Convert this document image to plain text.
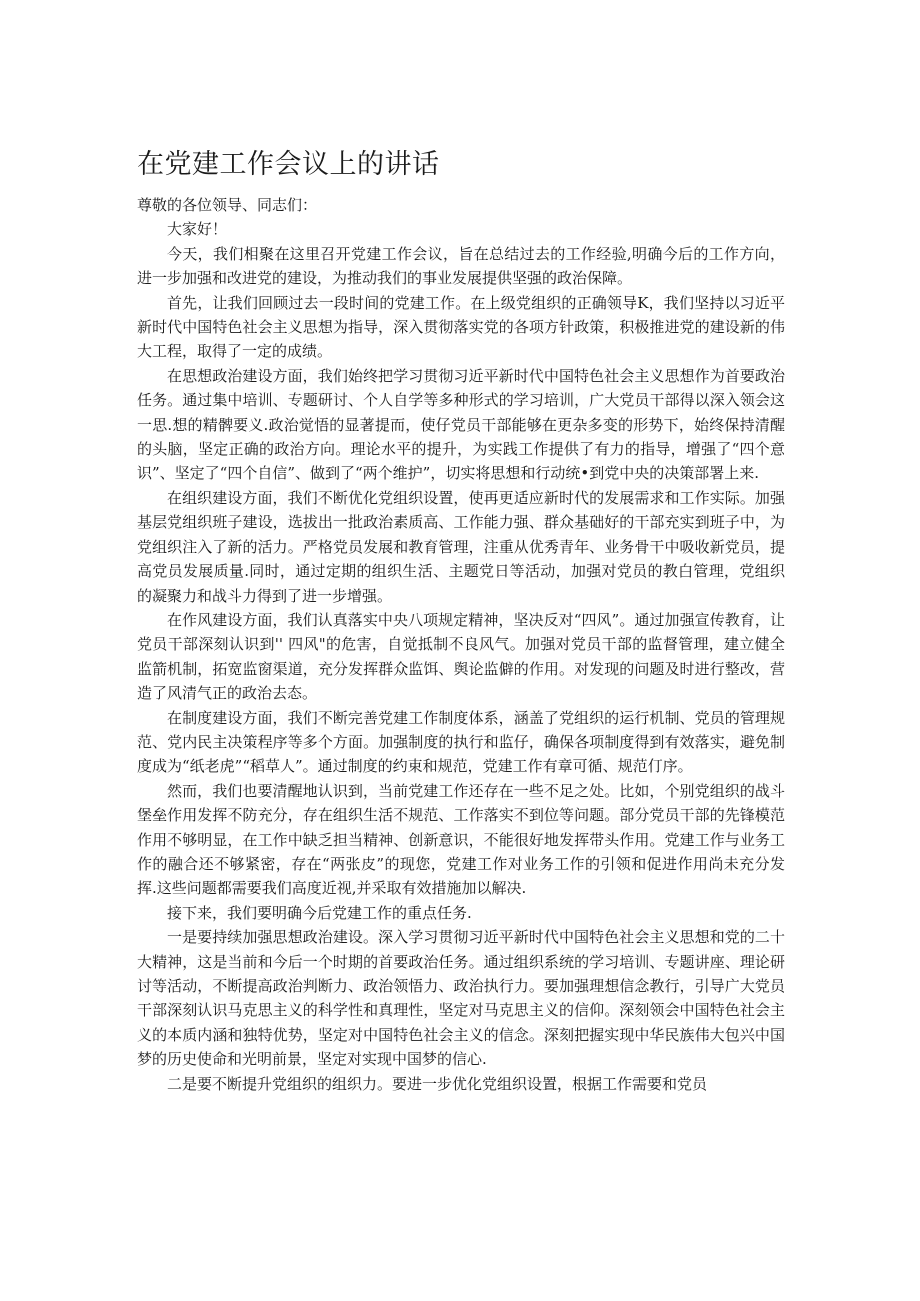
在党建工作会议上的讲话

尊敬的各位领导、同志们：

大家好！

今天，我们相聚在这里召开党建工作会议，旨在总结过去的工作经验,明确今后的工作方向，进一步加强和改进党的建设，为推动我们的事业发展提供坚强的政治保障。

首先，让我们回顾过去一段时间的党建工作。在上级党组织的正确领导K，我们坚持以习近平新时代中国特色社会主义思想为指导，深入贯彻落实党的各项方针政策，积极推进党的建设新的伟大工程，取得了一定的成绩。

在思想政治建设方面，我们始终把学习贯彻习近平新时代中国特色社会主义思想作为首要政治任务。通过集中培训、专题研讨、个人自学等多种形式的学习培训，广大党员干部得以深入领会这一思.想的精髀要义.政治觉悟的显著提而，使仔党员干部能够在更杂多变的形势下，始终保持清醒的头脑，坚定正确的政治方向。理论水平的提升，为实践工作提供了有力的指导，增强了“四个意识”、坚定了“四个自信”、做到了“两个维护”，切实将思想和行动统•到党中央的决策部署上来.

在组织建设方面，我们不断优化党组织设置，使再更适应新时代的发展需求和工作实际。加强基层党组织班子建设，选拔出一批政治素质高、工作能力强、群众基础好的干部充实到班子中，为党组织注入了新的活力。严格党员发展和教育管理，注重从优秀青年、业务骨干中吸收新党员，提高党员发展质量.同时，通过定期的组织生活、主题党日等活动，加强对党员的教白管理，党组织的凝聚力和战斗力得到了进一步增强。

在作风建设方面，我们认真落实中央八项规定精神，坚决反对“四风”。通过加强宣传教育，让党员干部深刻认识到'' 四风"的危害，自觉抵制不良风气。加强对党员干部的监督管理，建立健全监箭机制，拓宽监窗渠道，充分发挥群众监饵、舆论监僻的作用。对发现的问题及时进行整改，营造了风清气正的政治去态。

在制度建设方面，我们不断完善党建工作制度体系，涵盖了党组织的运行机制、党员的管理规范、党内民主决策程序等多个方面。加强制度的执行和监仔，确保各项制度得到有效落实，避免制度成为“纸老虎”“稻草人”。通过制度的约束和规范，党建工作有章可循、规范仃序。

然而，我们也要清醒地认识到，当前党建工作还存在一些不足之处。比如，个别党组织的战斗堡垒作用发挥不防充分，存在组织生活不规范、工作落实不到位等问题。部分党员干部的先锋模范作用不够明显，在工作中缺乏担当精神、创新意识，不能很好地发挥带头作用。党建工作与业务工作的融合还不够紧密，存在“两张皮”的现您，党建工作对业务工作的引领和促进作用尚未充分发挥.这些问题都需要我们高度近视,并采取有效措施加以解决.

接下来，我们要明确今后党建工作的重点任务.

一是要持续加强思想政治建设。深入学习贯彻习近平新时代中国特色社会主义思想和党的二十大精神，这是当前和今后一个时期的首要政治任务。通过组织系统的学习培训、专题讲座、理论研讨等活动，不断提高政治判断力、政治领悟力、政治执行力。要加强理想信念教行，引导广大党员干部深刻认识马克思主义的科学性和真理性，坚定对马克思主义的信仰。深刻领会中国特色社会主义的本质内涵和独特优势，坚定对中国特色社会主义的信念。深刻把握实现中华民族伟大包兴中国梦的历史使命和光明前景，坚定对实现中国梦的信心.

二是要不断提升党组织的组织力。要进一步优化党组织设置，根据工作需要和党员
